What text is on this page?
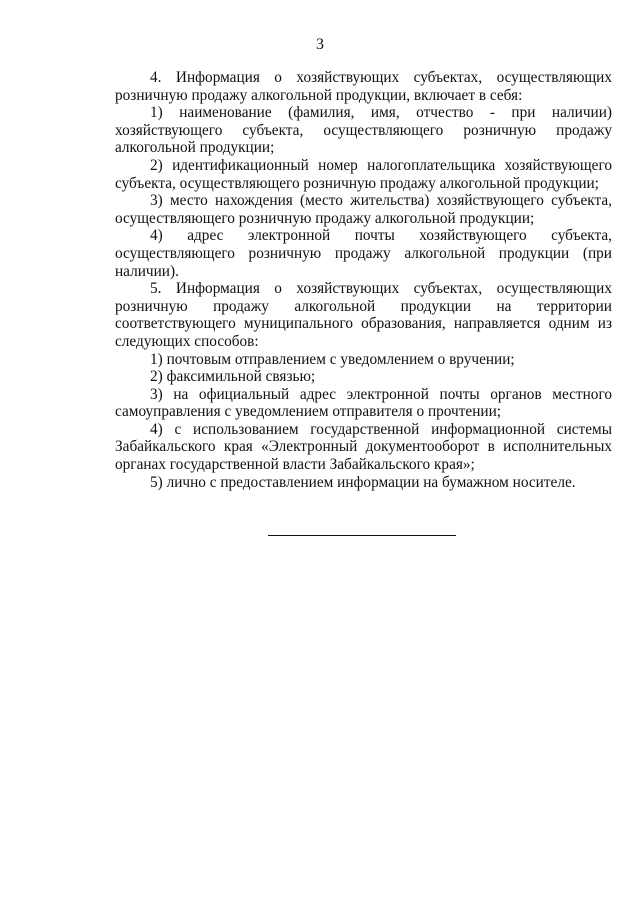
3

4. Информация о хозяйствующих субъектах, осуществляющих розничную продажу алкогольной продукции, включает в себя:

1) наименование (фамилия, имя, отчество - при наличии) хозяйствующего субъекта, осуществляющего розничную продажу алкогольной продукции;

2) идентификационный номер налогоплательщика хозяйствующего субъекта, осуществляющего розничную продажу алкогольной продукции;

3) место нахождения (место жительства) хозяйствующего субъекта, осуществляющего розничную продажу алкогольной продукции;

4) адрес электронной почты хозяйствующего субъекта, осуществляющего розничную продажу алкогольной продукции (при наличии).

5. Информация о хозяйствующих субъектах, осуществляющих розничную продажу алкогольной продукции на территории соответствующего муниципального образования, направляется одним из следующих способов:

1) почтовым отправлением с уведомлением о вручении;

2) факсимильной связью;

3) на официальный адрес электронной почты органов местного самоуправления с уведомлением отправителя о прочтении;

4) с использованием государственной информационной системы Забайкальского края «Электронный документооборот в исполнительных органах государственной власти Забайкальского края»;

5) лично с предоставлением информации на бумажном носителе.
